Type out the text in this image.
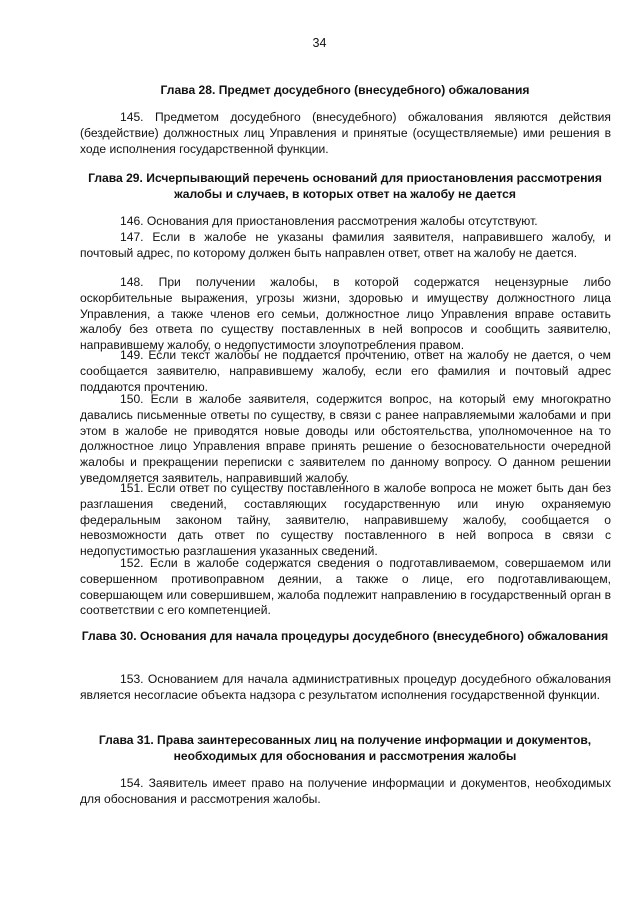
34
Глава 28. Предмет досудебного (внесудебного) обжалования
145. Предметом досудебного (внесудебного) обжалования являются действия (бездействие) должностных лиц Управления и принятые (осуществляемые) ими решения в ходе исполнения государственной функции.
Глава 29. Исчерпывающий перечень оснований для приостановления рассмотрения жалобы и случаев, в которых ответ на жалобу не дается
146. Основания для приостановления рассмотрения жалобы отсутствуют.
147. Если в жалобе не указаны фамилия заявителя, направившего жалобу, и почтовый адрес, по которому должен быть направлен ответ, ответ на жалобу не дается.
148. При получении жалобы, в которой содержатся нецензурные либо оскорбительные выражения, угрозы жизни, здоровью и имуществу должностного лица Управления, а также членов его семьи, должностное лицо Управления вправе оставить жалобу без ответа по существу поставленных в ней вопросов и сообщить заявителю, направившему жалобу, о недопустимости злоупотребления правом.
149. Если текст жалобы не поддается прочтению, ответ на жалобу не дается, о чем сообщается заявителю, направившему жалобу, если его фамилия и почтовый адрес поддаются прочтению.
150. Если в жалобе заявителя, содержится вопрос, на который ему многократно давались письменные ответы по существу, в связи с ранее направляемыми жалобами и при этом в жалобе не приводятся новые доводы или обстоятельства, уполномоченное на то должностное лицо Управления вправе принять решение о безосновательности очередной жалобы и прекращении переписки с заявителем по данному вопросу. О данном решении уведомляется заявитель, направивший жалобу.
151. Если ответ по существу поставленного в жалобе вопроса не может быть дан без разглашения сведений, составляющих государственную или иную охраняемую федеральным законом тайну, заявителю, направившему жалобу, сообщается о невозможности дать ответ по существу поставленного в ней вопроса в связи с недопустимостью разглашения указанных сведений.
152. Если в жалобе содержатся сведения о подготавливаемом, совершаемом или совершенном противоправном деянии, а также о лице, его подготавливающем, совершающем или совершившем, жалоба подлежит направлению в государственный орган в соответствии с его компетенцией.
Глава 30. Основания для начала процедуры досудебного (внесудебного) обжалования
153. Основанием для начала административных процедур досудебного обжалования является несогласие объекта надзора с результатом исполнения государственной функции.
Глава 31. Права заинтересованных лиц на получение информации и документов, необходимых для обоснования и рассмотрения жалобы
154. Заявитель имеет право на получение информации и документов, необходимых для обоснования и рассмотрения жалобы.
